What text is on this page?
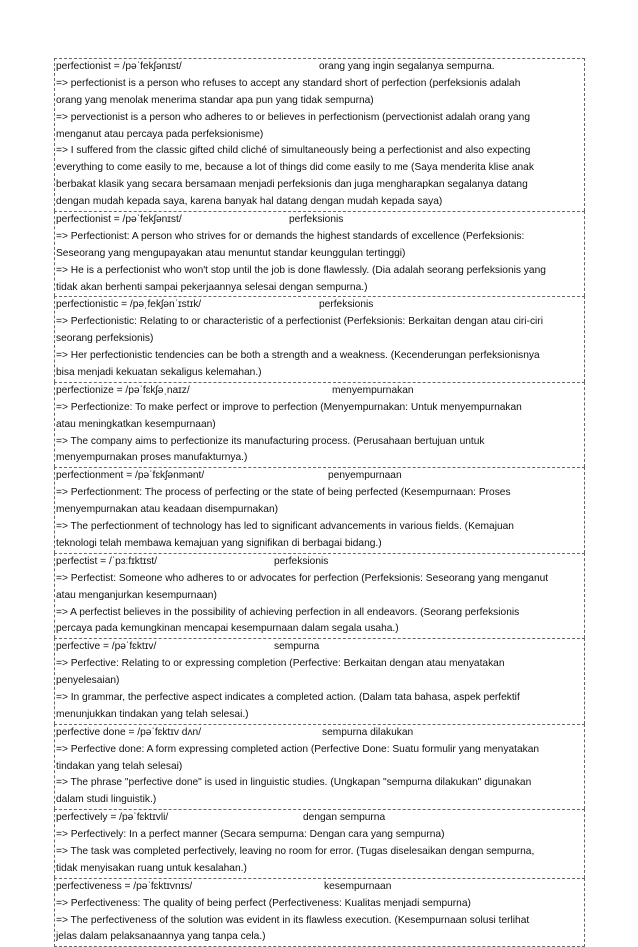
perfectionist = /pəˈfekʃənɪst/	orang yang ingin segalanya sempurna.
=> perfectionist is a person who refuses to accept any standard short of perfection (perfeksionis adalah
orang yang menolak menerima standar apa pun yang tidak sempurna)
=> pervectionist is a person who adheres to or believes in perfectionism (pervectionist adalah orang yang
menganut atau percaya pada perfeksionisme)
=> I suffered from the classic gifted child cliché of simultaneously being a perfectionist and also expecting
everything to come easily to me, because a lot of things did come easily to me (Saya menderita klise anak
berbakat klasik yang secara bersamaan menjadi perfeksionis dan juga mengharapkan segalanya datang
dengan mudah kepada saya, karena banyak hal datang dengan mudah kepada saya)
perfectionist = /pəˈfekʃənɪst/	perfeksionis
=> Perfectionist: A person who strives for or demands the highest standards of excellence (Perfeksionis:
Seseorang yang mengupayakan atau menuntut standar keunggulan tertinggi)
=> He is a perfectionist who won't stop until the job is done flawlessly. (Dia adalah seorang perfeksionis yang
tidak akan berhenti sampai pekerjaannya selesai dengan sempurna.)
perfectionistic = /pəˌfekʃənˈɪstɪk/	perfeksionis
=> Perfectionistic: Relating to or characteristic of a perfectionist (Perfeksionis: Berkaitan dengan atau ciri-ciri
seorang perfeksionis)
=> Her perfectionistic tendencies can be both a strength and a weakness. (Kecenderungan perfeksionisnya
bisa menjadi kekuatan sekaligus kelemahan.)
perfectionize = /pəˈfɛkʃəˌnaɪz/	menyempurnakan
=> Perfectionize: To make perfect or improve to perfection (Menyempurnakan: Untuk menyempurnakan
atau meningkatkan kesempurnaan)
=> The company aims to perfectionize its manufacturing process. (Perusahaan bertujuan untuk
menyempurnakan proses manufakturnya.)
perfectionment = /pəˈfɛkʃənmənt/	penyempurnaan
=> Perfectionment: The process of perfecting or the state of being perfected (Kesempurnaan: Proses
menyempurnakan atau keadaan disempurnakan)
=> The perfectionment of technology has led to significant advancements in various fields. (Kemajuan
teknologi telah membawa kemajuan yang signifikan di berbagai bidang.)
perfectist = /ˈpɜːfɪktɪst/	perfeksionis
=> Perfectist: Someone who adheres to or advocates for perfection (Perfeksionis: Seseorang yang menganut
atau menganjurkan kesempurnaan)
=> A perfectist believes in the possibility of achieving perfection in all endeavors. (Seorang perfeksionis
percaya pada kemungkinan mencapai kesempurnaan dalam segala usaha.)
perfective = /pəˈfɛktɪv/	sempurna
=> Perfective: Relating to or expressing completion (Perfective: Berkaitan dengan atau menyatakan
penyelesaian)
=> In grammar, the perfective aspect indicates a completed action. (Dalam tata bahasa, aspek perfektif
menunjukkan tindakan yang telah selesai.)
perfective done = /pəˈfɛktɪv dʌn/	sempurna dilakukan
=> Perfective done: A form expressing completed action (Perfective Done: Suatu formulir yang menyatakan
tindakan yang telah selesai)
=> The phrase "perfective done" is used in linguistic studies. (Ungkapan "sempurna dilakukan" digunakan
dalam studi linguistik.)
perfectively = /pəˈfɛktɪvli/	dengan sempurna
=> Perfectively: In a perfect manner (Secara sempurna: Dengan cara yang sempurna)
=> The task was completed perfectively, leaving no room for error. (Tugas diselesaikan dengan sempurna,
tidak menyisakan ruang untuk kesalahan.)
perfectiveness = /pəˈfɛktɪvnɪs/	kesempurnaan
=> Perfectiveness: The quality of being perfect (Perfectiveness: Kualitas menjadi sempurna)
=> The perfectiveness of the solution was evident in its flawless execution. (Kesempurnaan solusi terlihat
jelas dalam pelaksanaannya yang tanpa cela.)
